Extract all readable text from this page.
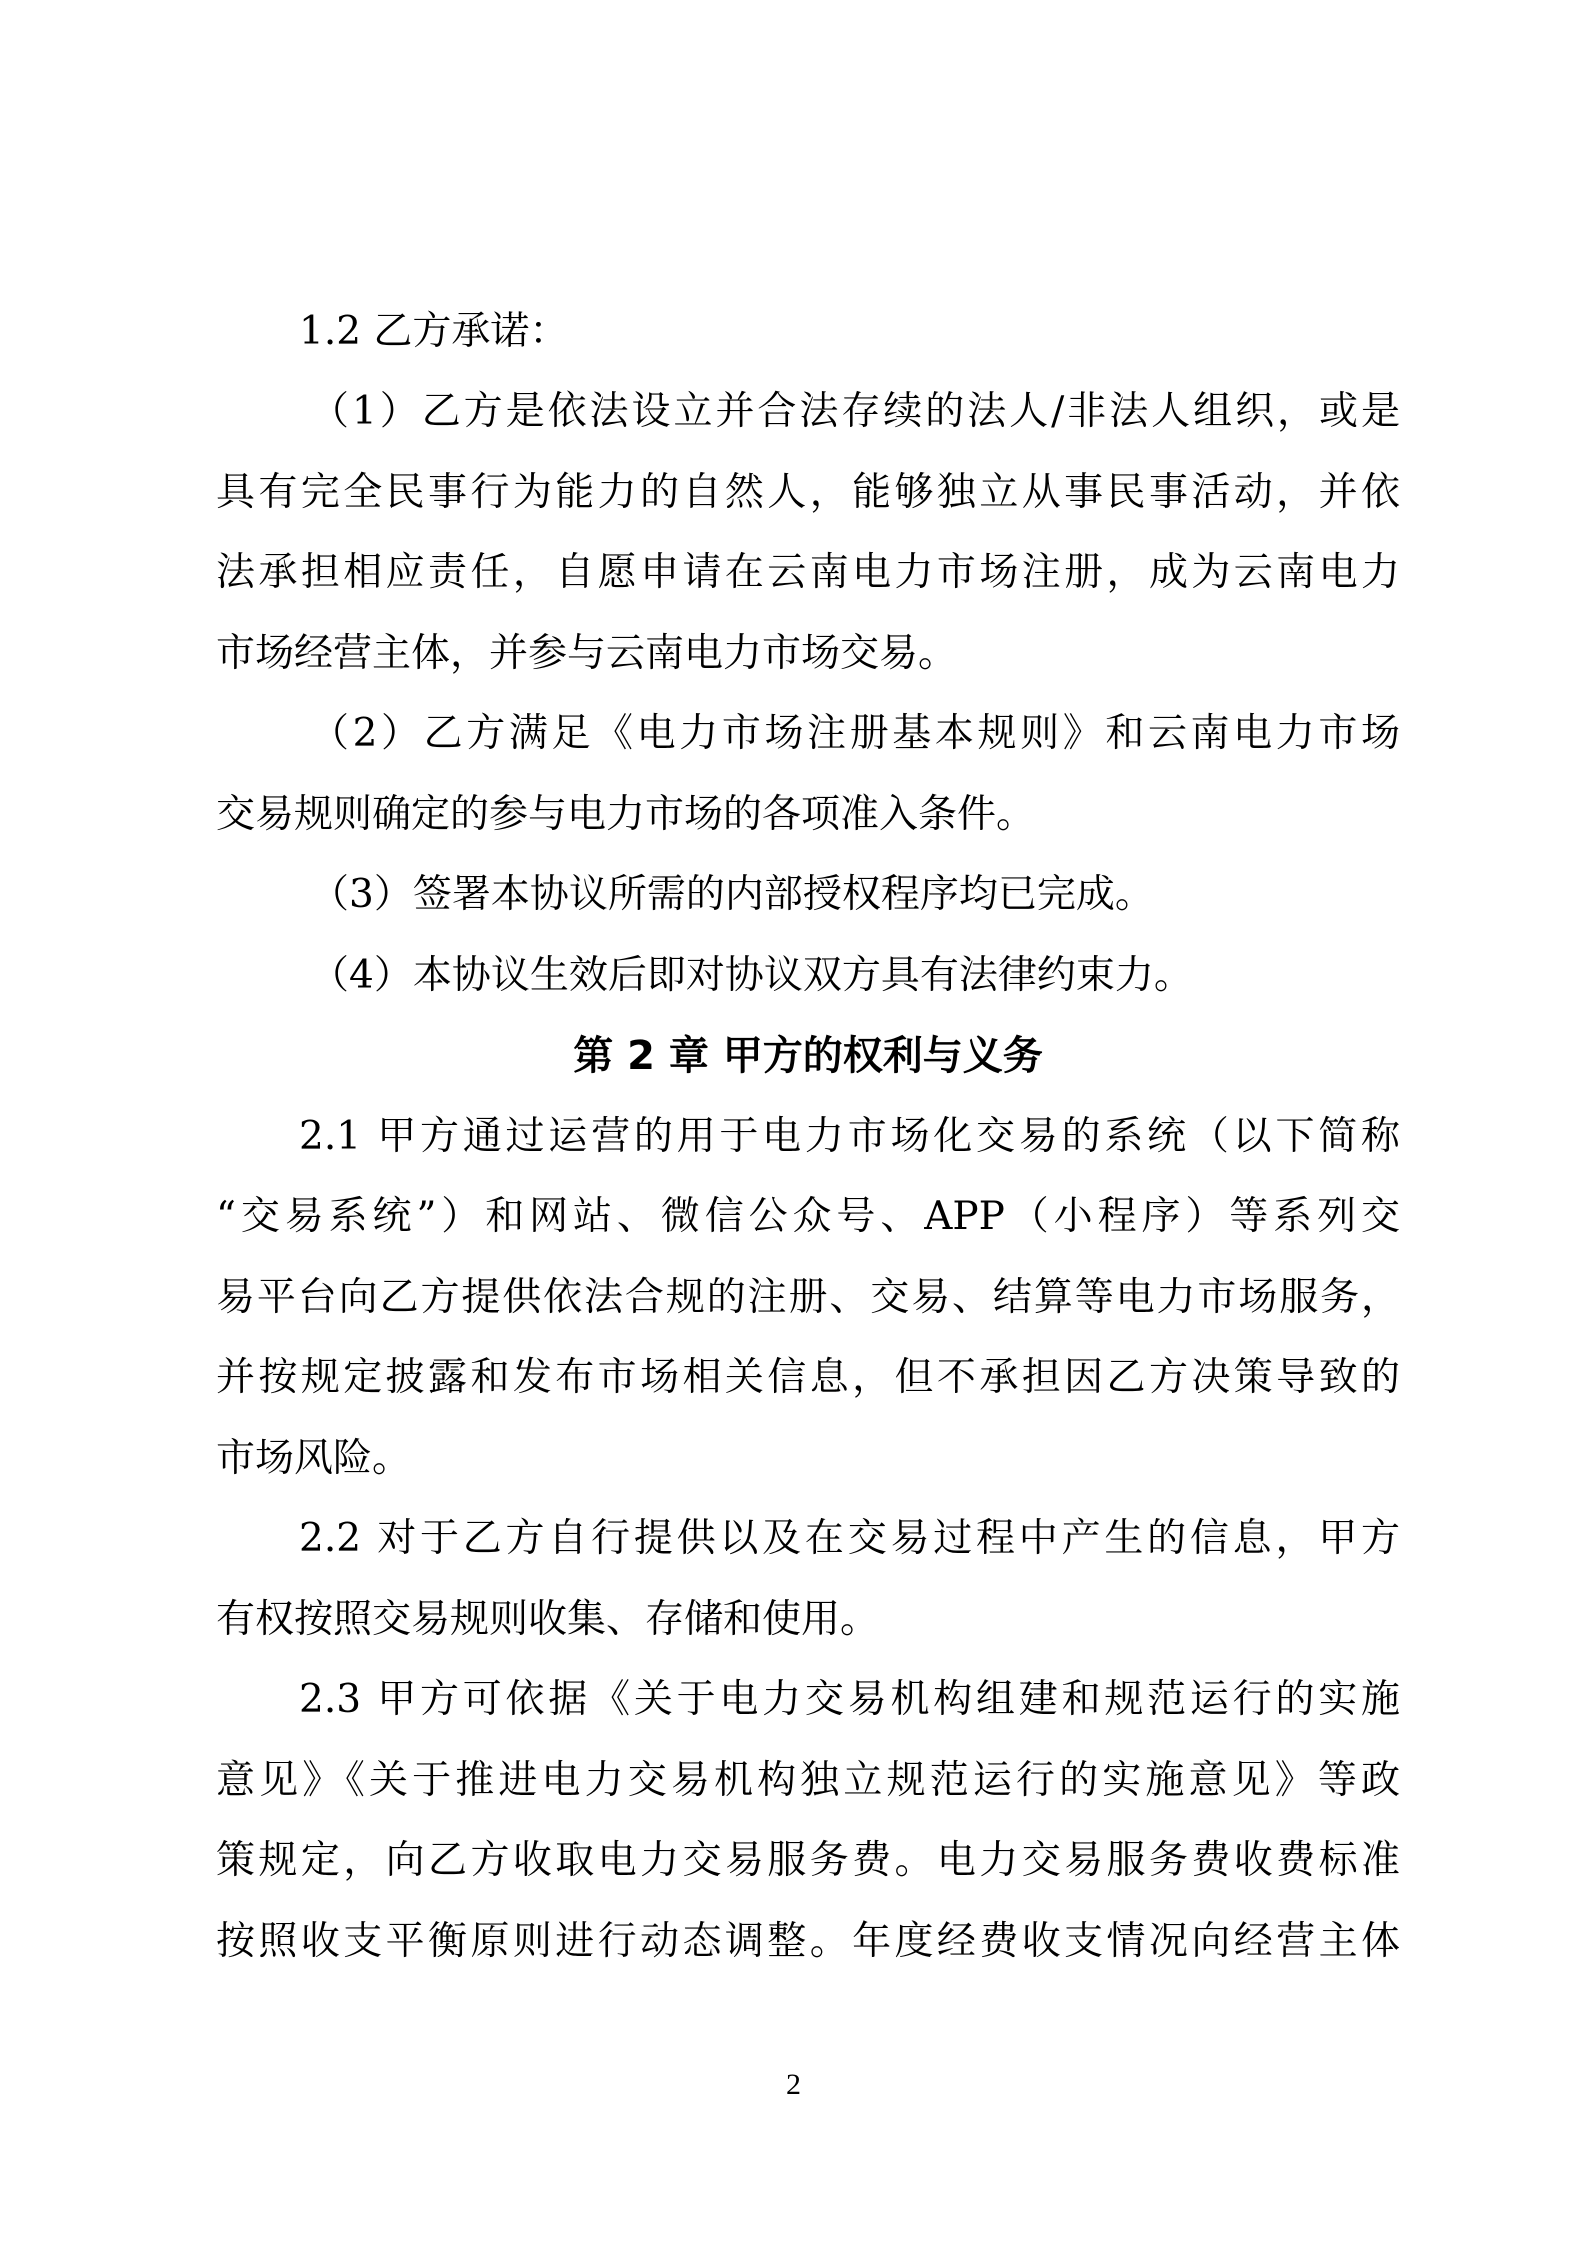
1.2 乙方承诺：
（1）乙方是依法设立并合法存续的法人/非法人组织，或是
具有完全民事行为能力的自然人，能够独立从事民事活动，并依
法承担相应责任，自愿申请在云南电力市场注册，成为云南电力
市场经营主体，并参与云南电力市场交易。
（2）乙方满足《电力市场注册基本规则》和云南电力市场
交易规则确定的参与电力市场的各项准入条件。
（3）签署本协议所需的内部授权程序均已完成。
（4）本协议生效后即对协议双方具有法律约束力。
第 2 章 甲方的权利与义务
2.1 甲方通过运营的用于电力市场化交易的系统（以下简称
“交易系统”）和网站、微信公众号、APP（小程序）等系列交
易平台向乙方提供依法合规的注册、交易、结算等电力市场服务，
并按规定披露和发布市场相关信息，但不承担因乙方决策导致的
市场风险。
2.2 对于乙方自行提供以及在交易过程中产生的信息，甲方
有权按照交易规则收集、存储和使用。
2.3 甲方可依据《关于电力交易机构组建和规范运行的实施
意见》《关于推进电力交易机构独立规范运行的实施意见》等政
策规定，向乙方收取电力交易服务费。电力交易服务费收费标准
按照收支平衡原则进行动态调整。年度经费收支情况向经营主体
2
